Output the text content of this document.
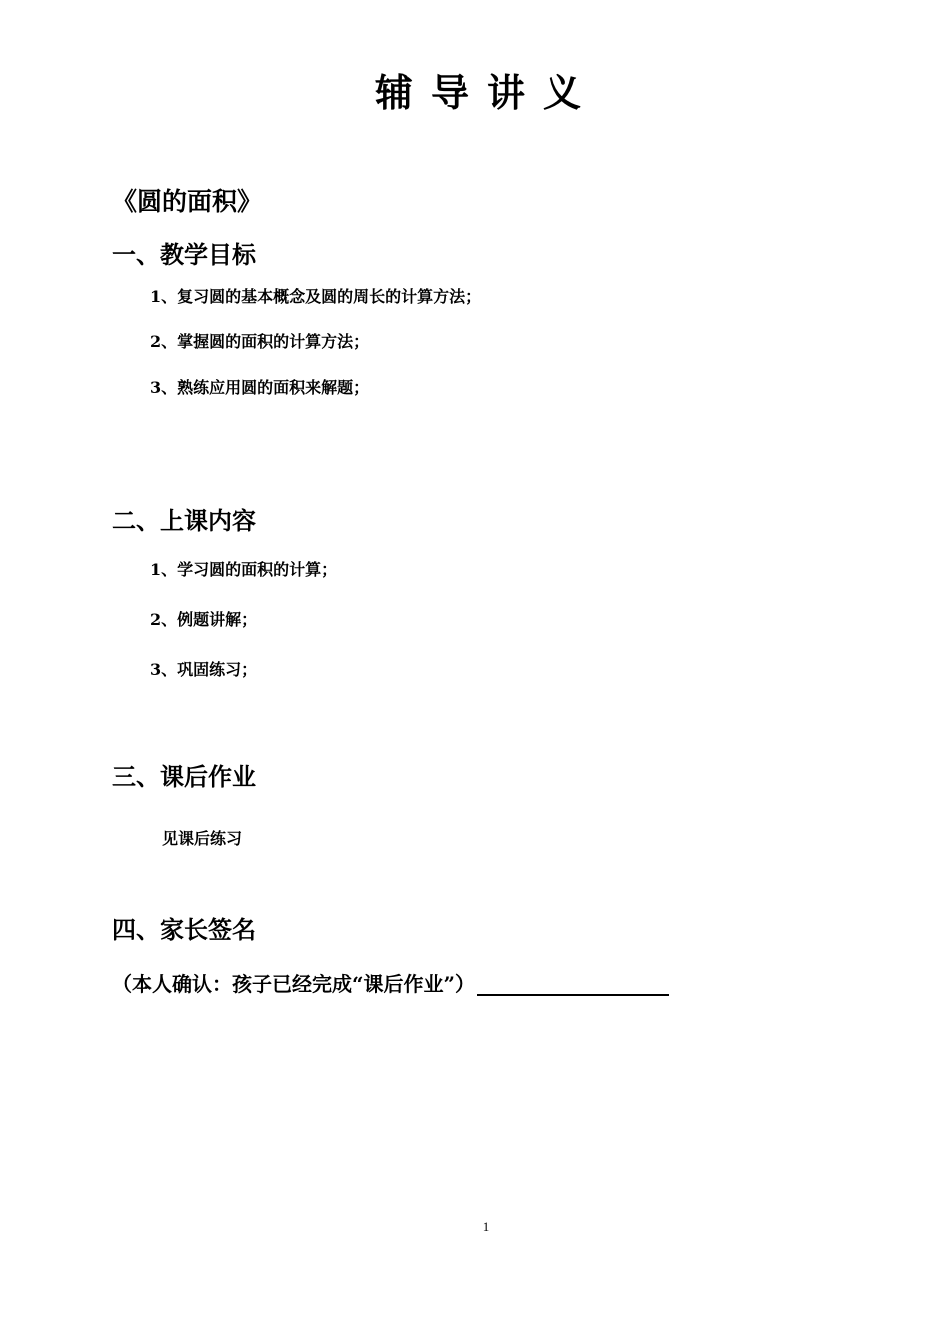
辅导讲义
《圆的面积》
一、教学目标
1、复习圆的基本概念及圆的周长的计算方法；
2、掌握圆的面积的计算方法；
3、熟练应用圆的面积来解题；
二、上课内容
1、学习圆的面积的计算；
2、例题讲解；
3、巩固练习；
三、课后作业
见课后练习
四、家长签名
（本人确认：孩子已经完成“课后作业”）
1
